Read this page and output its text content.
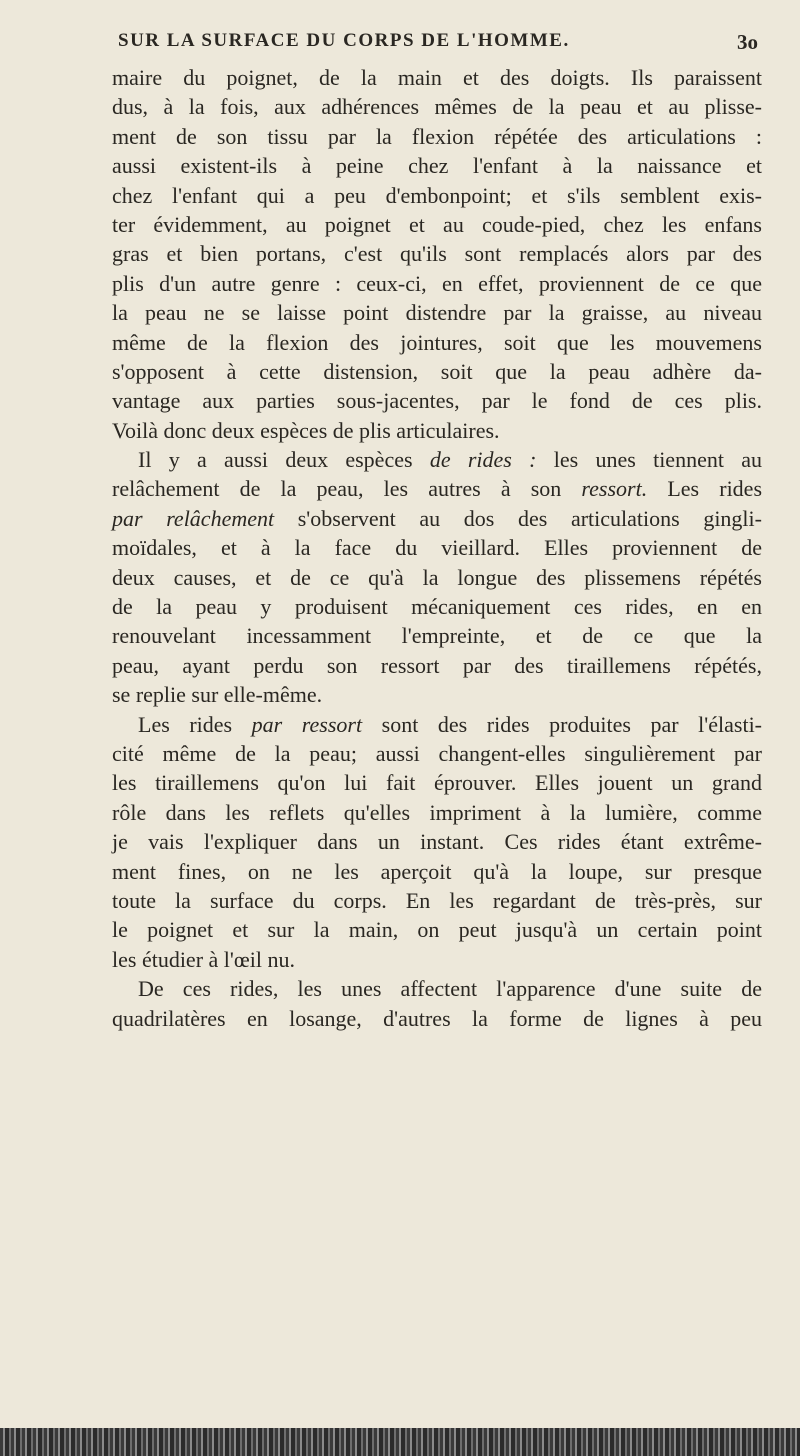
SUR LA SURFACE DU CORPS DE L'HOMME.	3o
maire du poignet, de la main et des doigts. Ils paraissent
dus, à la fois, aux adhérences mêmes de la peau et au plisse-
ment de son tissu par la flexion répétée des articulations :
aussi existent-ils à peine chez l'enfant à la naissance et
chez l'enfant qui a peu d'embonpoint; et s'ils semblent exis-
ter évidemment, au poignet et au coude-pied, chez les enfans
gras et bien portans, c'est qu'ils sont remplacés alors par des
plis d'un autre genre : ceux-ci, en effet, proviennent de ce que
la peau ne se laisse point distendre par la graisse, au niveau
même de la flexion des jointures, soit que les mouvemens
s'opposent à cette distension, soit que la peau adhère da-
vantage aux parties sous-jacentes, par le fond de ces plis.
Voilà donc deux espèces de plis articulaires.
Il y a aussi deux espèces de rides : les unes tiennent au
relâchement de la peau, les autres à son ressort. Les rides
par relâchement s'observent au dos des articulations gingli-
moïdales, et à la face du vieillard. Elles proviennent de
deux causes, et de ce qu'à la longue des plissemens répétés
de la peau y produisent mécaniquement ces rides, en en
renouvelant incessamment l'empreinte, et de ce que la
peau, ayant perdu son ressort par des tiraillemens répétés,
se replie sur elle-même.
Les rides par ressort sont des rides produites par l'élasti-
cité même de la peau; aussi changent-elles singulièrement par
les tiraillemens qu'on lui fait éprouver. Elles jouent un grand
rôle dans les reflets qu'elles impriment à la lumière, comme
je vais l'expliquer dans un instant. Ces rides étant extrême-
ment fines, on ne les aperçoit qu'à la loupe, sur presque
toute la surface du corps. En les regardant de très-près, sur
le poignet et sur la main, on peut jusqu'à un certain point
les étudier à l'œil nu.
De ces rides, les unes affectent l'apparence d'une suite de
quadrilatères en losange, d'autres la forme de lignes à peu
